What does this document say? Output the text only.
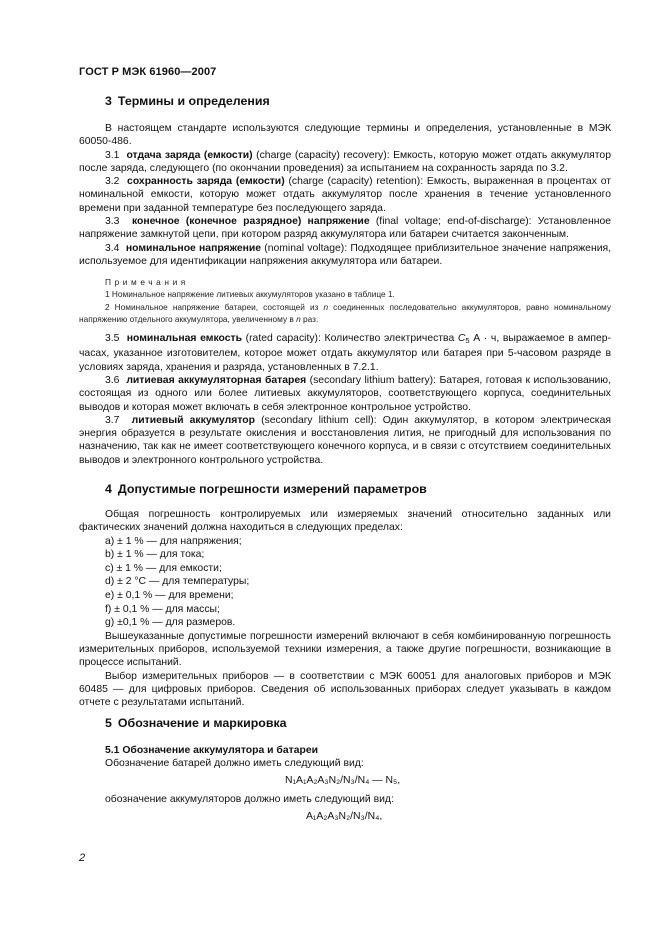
ГОСТ Р МЭК 61960—2007
3 Термины и определения

В настоящем стандарте используются следующие термины и определения, установленные в МЭК 60050-486.

3.1 отдача заряда (емкости) (charge (capacity) recovery): Емкость, которую может отдать аккумулятор после заряда, следующего (по окончании проведения) за испытанием на сохранность заряда по 3.2.

3.2 сохранность заряда (емкости) (charge (capacity) retention): Емкость, выраженная в процентах от номинальной емкости, которую может отдать аккумулятор после хранения в течение установленного времени при заданной температуре без последующего заряда.

3.3 конечное (конечное разрядное) напряжение (final voltage; end-of-discharge): Установленное напряжение замкнутой цепи, при котором разряд аккумулятора или батареи считается законченным.

3.4 номинальное напряжение (nominal voltage): Подходящее приблизительное значение напряжения, используемое для идентификации напряжения аккумулятора или батареи.

Примечания
1 Номинальное напряжение литиевых аккумуляторов указано в таблице 1.
2 Номинальное напряжение батареи, состоящей из n соединенных последовательно аккумуляторов, равно номинальному напряжению отдельного аккумулятора, увеличенному в n раз.

3.5 номинальная емкость (rated capacity): Количество электричества $C_5$ А · ч, выражаемое в ампер-часах, указанное изготовителем, которое может отдать аккумулятор или батарея при 5-часовом разряде в условиях заряда, хранения и разряда, установленных в 7.2.1.

3.6 литиевая аккумуляторная батарея (secondary lithium battery): Батарея, готовая к использованию, состоящая из одного или более литиевых аккумуляторов, соответствующего корпуса, соединительных выводов и которая может включать в себя электронное контрольное устройство.

3.7 литиевый аккумулятор (secondary lithium cell): Один аккумулятор, в котором электрическая энергия образуется в результате окисления и восстановления лития, не пригодный для использования по назначению, так как не имеет соответствующего конечного корпуса, и в связи с отсутствием соединительных выводов и электронного контрольного устройства.

4 Допустимые погрешности измерений параметров

Общая погрешность контролируемых или измеряемых значений относительно заданных или фактических значений должна находиться в следующих пределах:

а) ± 1 % — для напряжения;
b) ± 1 % — для тока;
с) ± 1 % — для емкости;
d) ± 2 °С — для температуры;
е) ± 0,1 % — для времени;
f) ± 0,1 % — для массы;
g) ±0,1 % — для размеров.

Вышеуказанные допустимые погрешности измерений включают в себя комбинированную погрешность измерительных приборов, используемой техники измерения, а также другие погрешности, возникающие в процессе испытаний.

Выбор измерительных приборов — в соответствии с МЭК 60051 для аналоговых приборов и МЭК 60485 — для цифровых приборов. Сведения об использованных приборах следует указывать в каждом отчете с результатами испытаний.

5 Обозначение и маркировка
5.1 Обозначение аккумулятора и батареи

Обозначение батарей должно иметь следующий вид:

N₁A₁A₂A₃N₂/N₃/N₄ — N₅,

обозначение аккумуляторов должно иметь следующий вид:

A₁A₂A₃N₂/N₃/N₄,
2
